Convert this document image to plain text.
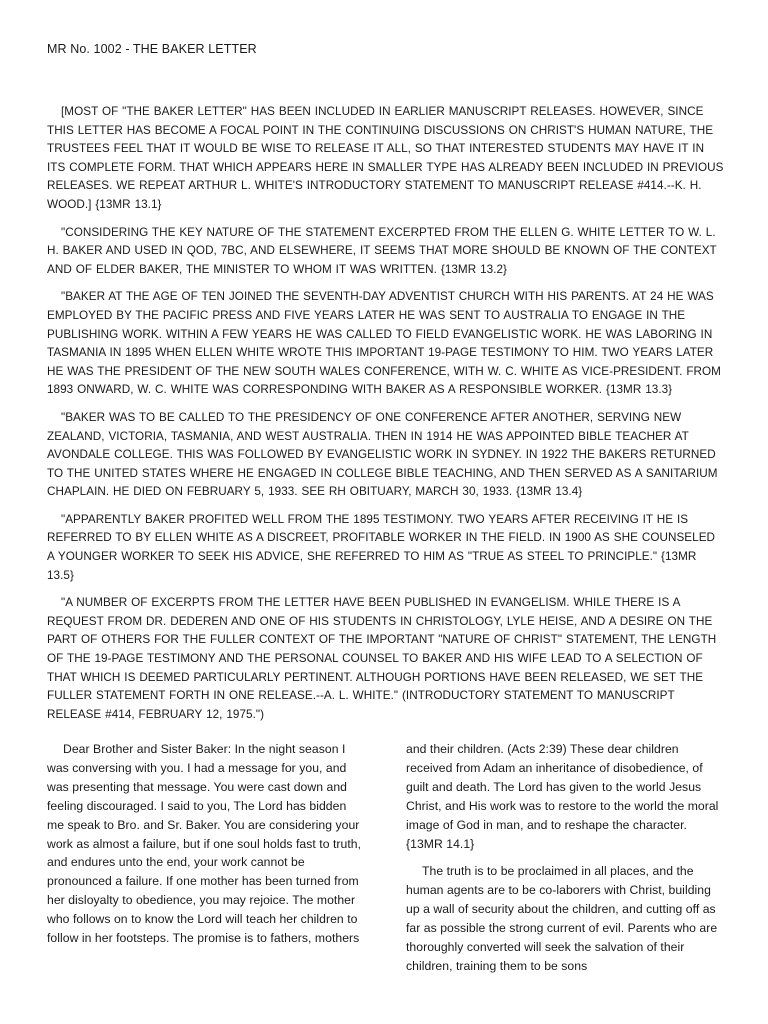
MR No. 1002 - THE BAKER LETTER

[MOST OF "THE BAKER LETTER" HAS BEEN INCLUDED IN EARLIER MANUSCRIPT RELEASES. HOWEVER, SINCE THIS LETTER HAS BECOME A FOCAL POINT IN THE CONTINUING DISCUSSIONS ON CHRIST'S HUMAN NATURE, THE TRUSTEES FEEL THAT IT WOULD BE WISE TO RELEASE IT ALL, SO THAT INTERESTED STUDENTS MAY HAVE IT IN ITS COMPLETE FORM. THAT WHICH APPEARS HERE IN SMALLER TYPE HAS ALREADY BEEN INCLUDED IN PREVIOUS RELEASES. WE REPEAT ARTHUR L. WHITE'S INTRODUCTORY STATEMENT TO MANUSCRIPT RELEASE #414.--K. H. WOOD.] {13MR 13.1}

"CONSIDERING THE KEY NATURE OF THE STATEMENT EXCERPTED FROM THE ELLEN G. WHITE LETTER TO W. L. H. BAKER AND USED IN QOD, 7BC, AND ELSEWHERE, IT SEEMS THAT MORE SHOULD BE KNOWN OF THE CONTEXT AND OF ELDER BAKER, THE MINISTER TO WHOM IT WAS WRITTEN. {13MR 13.2}

"BAKER AT THE AGE OF TEN JOINED THE SEVENTH-DAY ADVENTIST CHURCH WITH HIS PARENTS. AT 24 HE WAS EMPLOYED BY THE PACIFIC PRESS AND FIVE YEARS LATER HE WAS SENT TO AUSTRALIA TO ENGAGE IN THE PUBLISHING WORK. WITHIN A FEW YEARS HE WAS CALLED TO FIELD EVANGELISTIC WORK. HE WAS LABORING IN TASMANIA IN 1895 WHEN ELLEN WHITE WROTE THIS IMPORTANT 19-PAGE TESTIMONY TO HIM. TWO YEARS LATER HE WAS THE PRESIDENT OF THE NEW SOUTH WALES CONFERENCE, WITH W. C. WHITE AS VICE-PRESIDENT. FROM 1893 ONWARD, W. C. WHITE WAS CORRESPONDING WITH BAKER AS A RESPONSIBLE WORKER. {13MR 13.3}

"BAKER WAS TO BE CALLED TO THE PRESIDENCY OF ONE CONFERENCE AFTER ANOTHER, SERVING NEW ZEALAND, VICTORIA, TASMANIA, AND WEST AUSTRALIA. THEN IN 1914 HE WAS APPOINTED BIBLE TEACHER AT AVONDALE COLLEGE. THIS WAS FOLLOWED BY EVANGELISTIC WORK IN SYDNEY. IN 1922 THE BAKERS RETURNED TO THE UNITED STATES WHERE HE ENGAGED IN COLLEGE BIBLE TEACHING, AND THEN SERVED AS A SANITARIUM CHAPLAIN. HE DIED ON FEBRUARY 5, 1933. SEE RH OBITUARY, MARCH 30, 1933. {13MR 13.4}

"APPARENTLY BAKER PROFITED WELL FROM THE 1895 TESTIMONY. TWO YEARS AFTER RECEIVING IT HE IS REFERRED TO BY ELLEN WHITE AS A DISCREET, PROFITABLE WORKER IN THE FIELD. IN 1900 AS SHE COUNSELED A YOUNGER WORKER TO SEEK HIS ADVICE, SHE REFERRED TO HIM AS "TRUE AS STEEL TO PRINCIPLE." {13MR 13.5}

"A NUMBER OF EXCERPTS FROM THE LETTER HAVE BEEN PUBLISHED IN EVANGELISM. WHILE THERE IS A REQUEST FROM DR. DEDEREN AND ONE OF HIS STUDENTS IN CHRISTOLOGY, LYLE HEISE, AND A DESIRE ON THE PART OF OTHERS FOR THE FULLER CONTEXT OF THE IMPORTANT "NATURE OF CHRIST" STATEMENT, THE LENGTH OF THE 19-PAGE TESTIMONY AND THE PERSONAL COUNSEL TO BAKER AND HIS WIFE LEAD TO A SELECTION OF THAT WHICH IS DEEMED PARTICULARLY PERTINENT. ALTHOUGH PORTIONS HAVE BEEN RELEASED, WE SET THE FULLER STATEMENT FORTH IN ONE RELEASE.--A. L. WHITE." (INTRODUCTORY STATEMENT TO MANUSCRIPT RELEASE #414, FEBRUARY 12, 1975.")

Dear Brother and Sister Baker: In the night season I was conversing with you. I had a message for you, and was presenting that message. You were cast down and feeling discouraged. I said to you, The Lord has bidden me speak to Bro. and Sr. Baker. You are considering your work as almost a failure, but if one soul holds fast to truth, and endures unto the end, your work cannot be pronounced a failure. If one mother has been turned from her disloyalty to obedience, you may rejoice. The mother who follows on to know the Lord will teach her children to follow in her footsteps. The promise is to fathers, mothers

and their children. (Acts 2:39) These dear children received from Adam an inheritance of disobedience, of guilt and death. The Lord has given to the world Jesus Christ, and His work was to restore to the world the moral image of God in man, and to reshape the character. {13MR 14.1}

The truth is to be proclaimed in all places, and the human agents are to be co-laborers with Christ, building up a wall of security about the children, and cutting off as far as possible the strong current of evil. Parents who are thoroughly converted will seek the salvation of their children, training them to be sons
